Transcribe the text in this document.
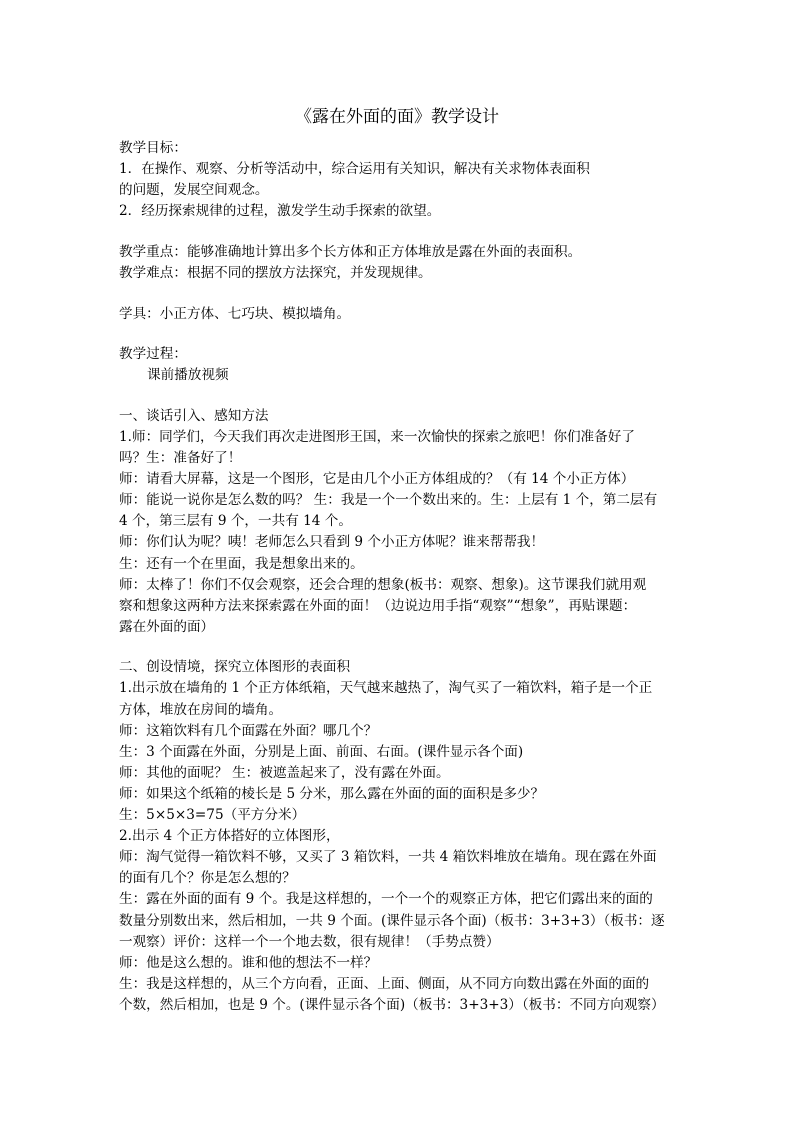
《露在外面的面》教学设计
教学目标：
1．在操作、观察、分析等活动中，综合运用有关知识，解决有关求物体表面积
的问题，发展空间观念。
2．经历探索规律的过程，激发学生动手探索的欲望。
教学重点：能够准确地计算出多个长方体和正方体堆放是露在外面的表面积。
教学难点：根据不同的摆放方法探究，并发现规律。
学具：小正方体、七巧块、模拟墙角。
教学过程：
课前播放视频
一、谈话引入、感知方法
1.师：同学们，今天我们再次走进图形王国，来一次愉快的探索之旅吧！你们准备好了
吗？生：准备好了！
师：请看大屏幕，这是一个图形，它是由几个小正方体组成的？（有 14 个小正方体）
师：能说一说你是怎么数的吗？ 生：我是一个一个数出来的。生：上层有 1 个，第二层有
4 个，第三层有 9 个，一共有 14 个。
师：你们认为呢？咦！老师怎么只看到 9 个小正方体呢？谁来帮帮我！
生：还有一个在里面，我是想象出来的。
师：太棒了！你们不仅会观察，还会合理的想象(板书：观察、想象)。这节课我们就用观
察和想象这两种方法来探索露在外面的面！（边说边用手指“观察”“想象”，再贴课题：
露在外面的面）
二、创设情境，探究立体图形的表面积
1.出示放在墙角的 1 个正方体纸箱，天气越来越热了，淘气买了一箱饮料，箱子是一个正
方体，堆放在房间的墙角。
师：这箱饮料有几个面露在外面？哪几个？
生：3 个面露在外面，分别是上面、前面、右面。(课件显示各个面)
师：其他的面呢？ 生：被遮盖起来了，没有露在外面。
师：如果这个纸箱的棱长是 5 分米，那么露在外面的面的面积是多少？
生：5×5×3=75（平方分米）
2.出示 4 个正方体搭好的立体图形，
师：淘气觉得一箱饮料不够，又买了 3 箱饮料，一共 4 箱饮料堆放在墙角。现在露在外面
的面有几个？你是怎么想的？
生：露在外面的面有 9 个。我是这样想的，一个一个的观察正方体，把它们露出来的面的
数量分别数出来，然后相加，一共 9 个面。(课件显示各个面)（板书：3+3+3）（板书：逐
一观察）评价：这样一个一个地去数，很有规律！（手势点赞）
师：他是这么想的。谁和他的想法不一样？
生：我是这样想的，从三个方向看，正面、上面、侧面，从不同方向数出露在外面的面的
个数，然后相加，也是 9 个。(课件显示各个面)（板书：3+3+3）（板书：不同方向观察）
